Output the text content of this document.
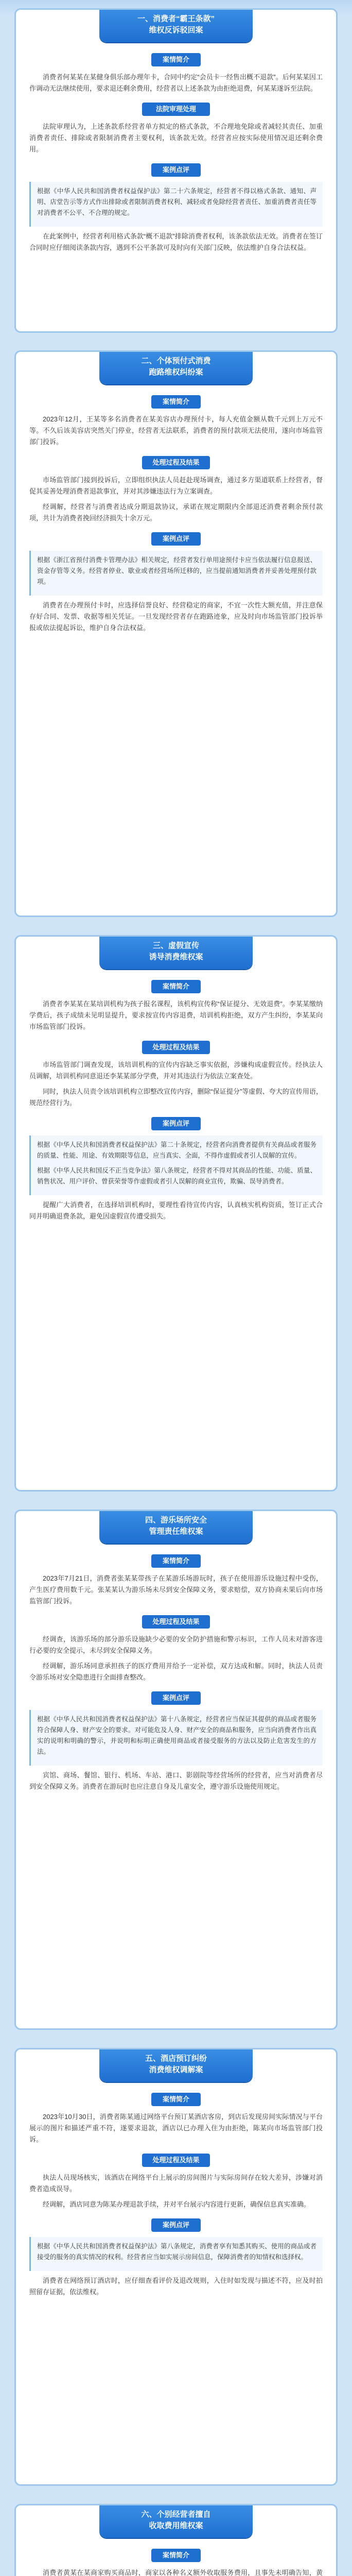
一、消费者“霸王条款”
维权反诉驳回案
案情简介

消费者何某某在某健身俱乐部办理年卡，合同中约定“会员卡一经售出概不退款”。后何某某因工作调动无法继续使用，要求退还剩余费用，经营者以上述条款为由拒绝退费，何某某遂诉至法院。

法院审理处理

法院审理认为，上述条款系经营者单方拟定的格式条款，不合理地免除或者减轻其责任、加重消费者责任、排除或者限制消费者主要权利，该条款无效。经营者应按实际使用情况退还剩余费用。

案例点评

根据《中华人民共和国消费者权益保护法》第二十六条规定，经营者不得以格式条款、通知、声明、店堂告示等方式作出排除或者限制消费者权利、减轻或者免除经营者责任、加重消费者责任等对消费者不公平、不合理的规定。

在此案例中，经营者利用格式条款“概不退款”排除消费者权利，该条款依法无效。消费者在签订合同时应仔细阅读条款内容，遇到不公平条款可及时向有关部门反映，依法维护自身合法权益。

二、个体预付式消费
跑路维权纠纷案
案情简介

2023年12月，王某等多名消费者在某美容店办理预付卡，每人充值金额从数千元到上万元不等。不久后该美容店突然关门停业，经营者无法联系，消费者的预付款项无法使用，遂向市场监管部门投诉。

处理过程及结果

市场监管部门接到投诉后，立即组织执法人员赶赴现场调查，通过多方渠道联系上经营者，督促其妥善处理消费者退款事宜，并对其涉嫌违法行为立案调查。

经调解，经营者与消费者达成分期退款协议，承诺在规定期限内全部退还消费者剩余预付款项，共计为消费者挽回经济损失十余万元。

案例点评

根据《浙江省预付消费卡管理办法》相关规定，经营者发行单用途预付卡应当依法履行信息报送、资金存管等义务。经营者停业、歇业或者经营场所迁移的，应当提前通知消费者并妥善处理预付款项。

消费者在办理预付卡时，应选择信誉良好、经营稳定的商家，不宜一次性大额充值，并注意保存好合同、发票、收据等相关凭证。一旦发现经营者存在跑路迹象，应及时向市场监管部门投诉举报或依法提起诉讼，维护自身合法权益。

三、虚假宣传
诱导消费维权案
案情简介

消费者李某某在某培训机构为孩子报名课程，该机构宣传称“保证提分、无效退费”。李某某缴纳学费后，孩子成绩未见明显提升，要求按宣传内容退费，培训机构拒绝，双方产生纠纷，李某某向市场监管部门投诉。

处理过程及结果

市场监管部门调查发现，该培训机构的宣传内容缺乏事实依据，涉嫌构成虚假宣传。经执法人员调解，培训机构同意退还李某某部分学费，并对其违法行为依法立案查处。

同时，执法人员责令该培训机构立即整改宣传内容，删除“保证提分”等虚假、夸大的宣传用语，规范经营行为。

案例点评

根据《中华人民共和国消费者权益保护法》第二十条规定，经营者向消费者提供有关商品或者服务的质量、性能、用途、有效期限等信息，应当真实、全面，不得作虚假或者引人误解的宣传。

根据《中华人民共和国反不正当竞争法》第八条规定，经营者不得对其商品的性能、功能、质量、销售状况、用户评价、曾获荣誉等作虚假或者引人误解的商业宣传，欺骗、误导消费者。

提醒广大消费者，在选择培训机构时，要理性看待宣传内容，认真核实机构资质，签订正式合同并明确退费条款，避免因虚假宣传遭受损失。

四、游乐场所安全
管理责任维权案
案情简介

2023年7月21日，消费者张某某带孩子在某游乐场游玩时，孩子在使用游乐设施过程中受伤，产生医疗费用数千元。张某某认为游乐场未尽到安全保障义务，要求赔偿，双方协商未果后向市场监管部门投诉。

处理过程及结果

经调查，该游乐场的部分游乐设施缺少必要的安全防护措施和警示标识，工作人员未对游客进行必要的安全提示，未尽到安全保障义务。

经调解，游乐场同意承担孩子的医疗费用并给予一定补偿，双方达成和解。同时，执法人员责令游乐场对安全隐患进行全面排查整改。

案例点评

根据《中华人民共和国消费者权益保护法》第十八条规定，经营者应当保证其提供的商品或者服务符合保障人身、财产安全的要求。对可能危及人身、财产安全的商品和服务，应当向消费者作出真实的说明和明确的警示，并说明和标明正确使用商品或者接受服务的方法以及防止危害发生的方法。

宾馆、商场、餐馆、银行、机场、车站、港口、影剧院等经营场所的经营者，应当对消费者尽到安全保障义务。消费者在游玩时也应注意自身及儿童安全，遵守游乐设施使用规定。

五、酒店预订纠纷
消费维权调解案
案情简介

2023年10月30日，消费者陈某通过网络平台预订某酒店客房，到店后发现房间实际情况与平台展示的图片和描述严重不符，遂要求退款，酒店以已办理入住为由拒绝，陈某向市场监管部门投诉。

处理过程及结果

执法人员现场核实，该酒店在网络平台上展示的房间图片与实际房间存在较大差异，涉嫌对消费者造成误导。

经调解，酒店同意为陈某办理退款手续，并对平台展示内容进行更新，确保信息真实准确。

案例点评

根据《中华人民共和国消费者权益保护法》第八条规定，消费者享有知悉其购买、使用的商品或者接受的服务的真实情况的权利。经营者应当如实展示房间信息，保障消费者的知情权和选择权。

消费者在网络预订酒店时，应仔细查看评价及退改规则，入住时如发现与描述不符，应及时拍照留存证据，依法维权。

六、个别经营者擅自
收取费用维权案
案情简介

消费者黄某在某商家购买商品时，商家以各种名义额外收取服务费用，且事先未明确告知，黄
